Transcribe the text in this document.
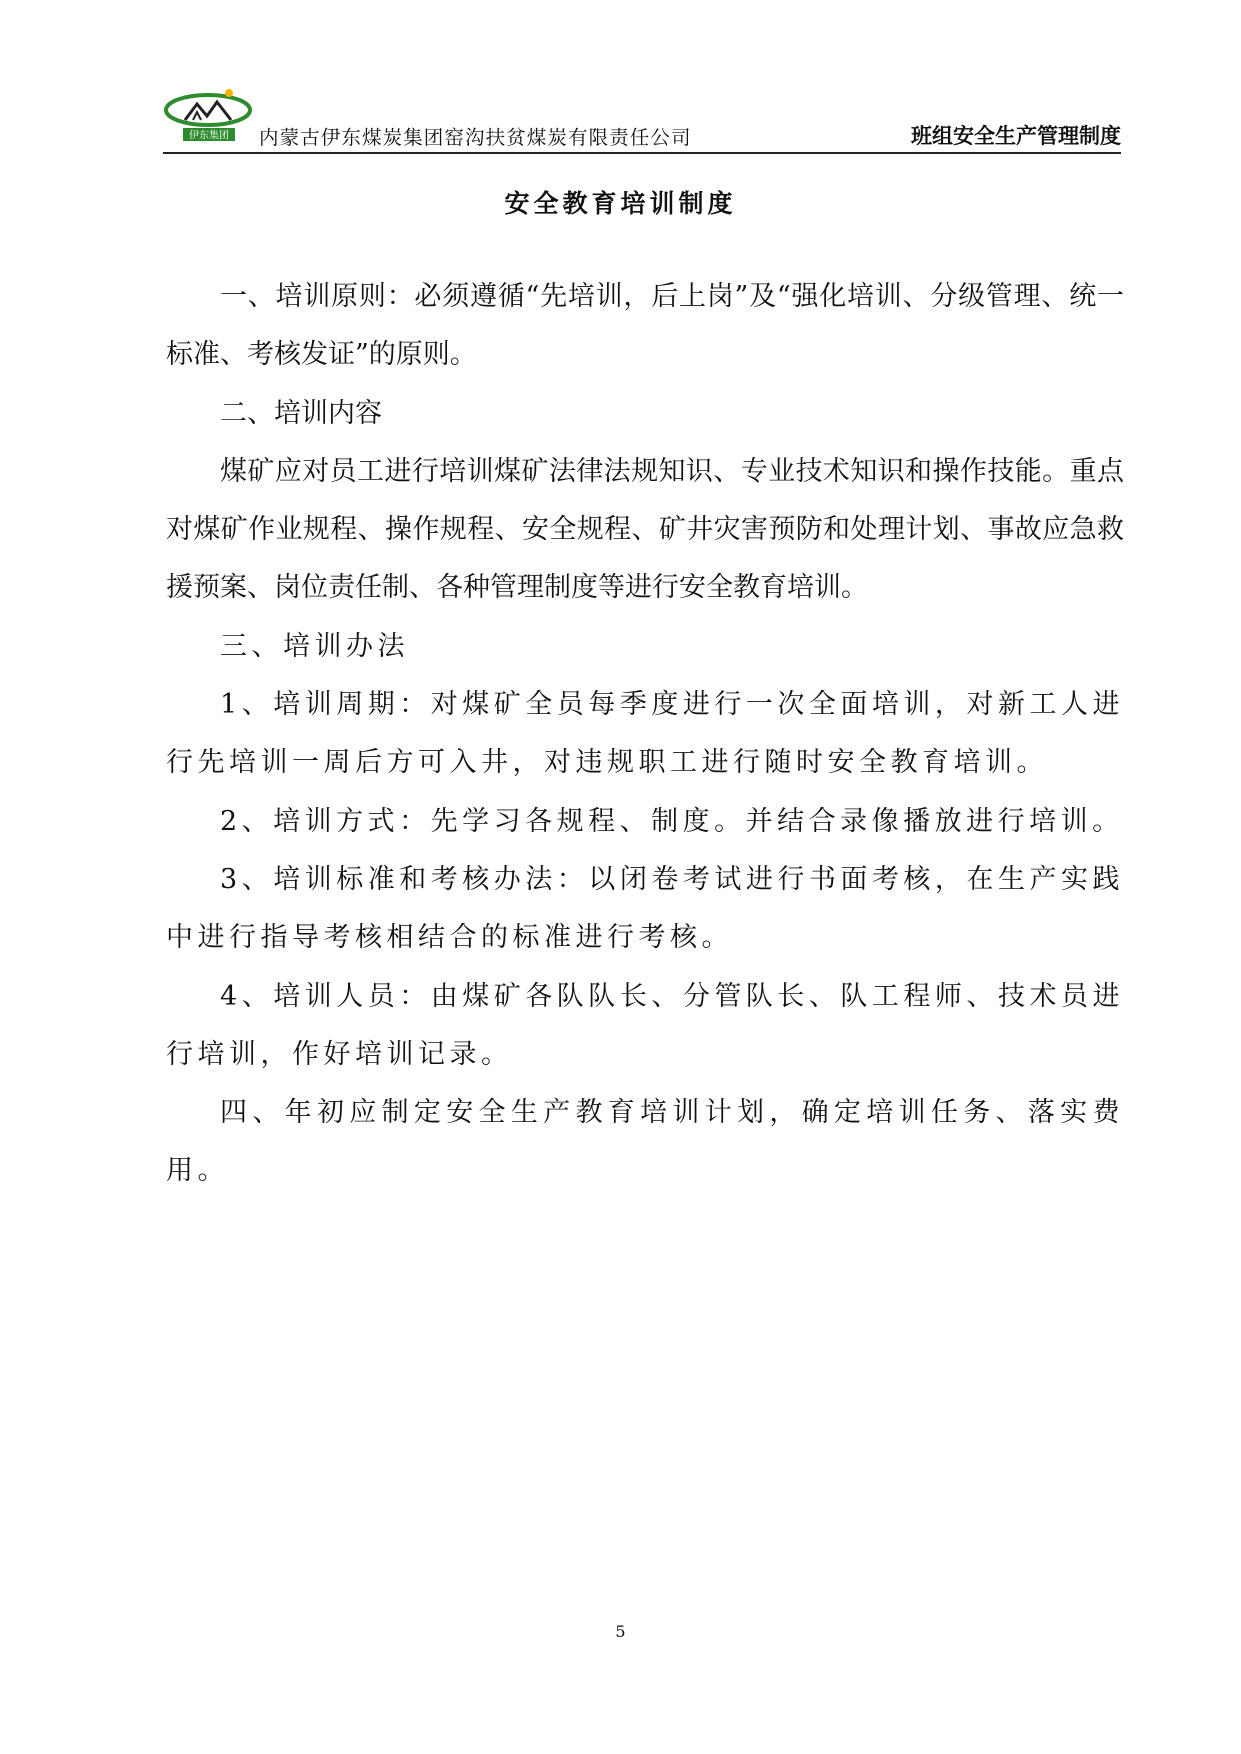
伊东集团 内蒙古伊东煤炭集团窑沟扶贫煤炭有限责任公司	班组安全生产管理制度
安全教育培训制度

一、培训原则：必须遵循“先培训，后上岗”及“强化培训、分级管理、统一标准、考核发证”的原则。

二、培训内容

煤矿应对员工进行培训煤矿法律法规知识、专业技术知识和操作技能。重点对煤矿作业规程、操作规程、安全规程、矿井灾害预防和处理计划、事故应急救援预案、岗位责任制、各种管理制度等进行安全教育培训。

三、培训办法

1、培训周期：对煤矿全员每季度进行一次全面培训，对新工人进行先培训一周后方可入井，对违规职工进行随时安全教育培训。

2、培训方式：先学习各规程、制度。并结合录像播放进行培训。

3、培训标准和考核办法：以闭卷考试进行书面考核，在生产实践中进行指导考核相结合的标准进行考核。

4、培训人员：由煤矿各队队长、分管队长、队工程师、技术员进行培训，作好培训记录。

四、年初应制定安全生产教育培训计划，确定培训任务、落实费用。

5
